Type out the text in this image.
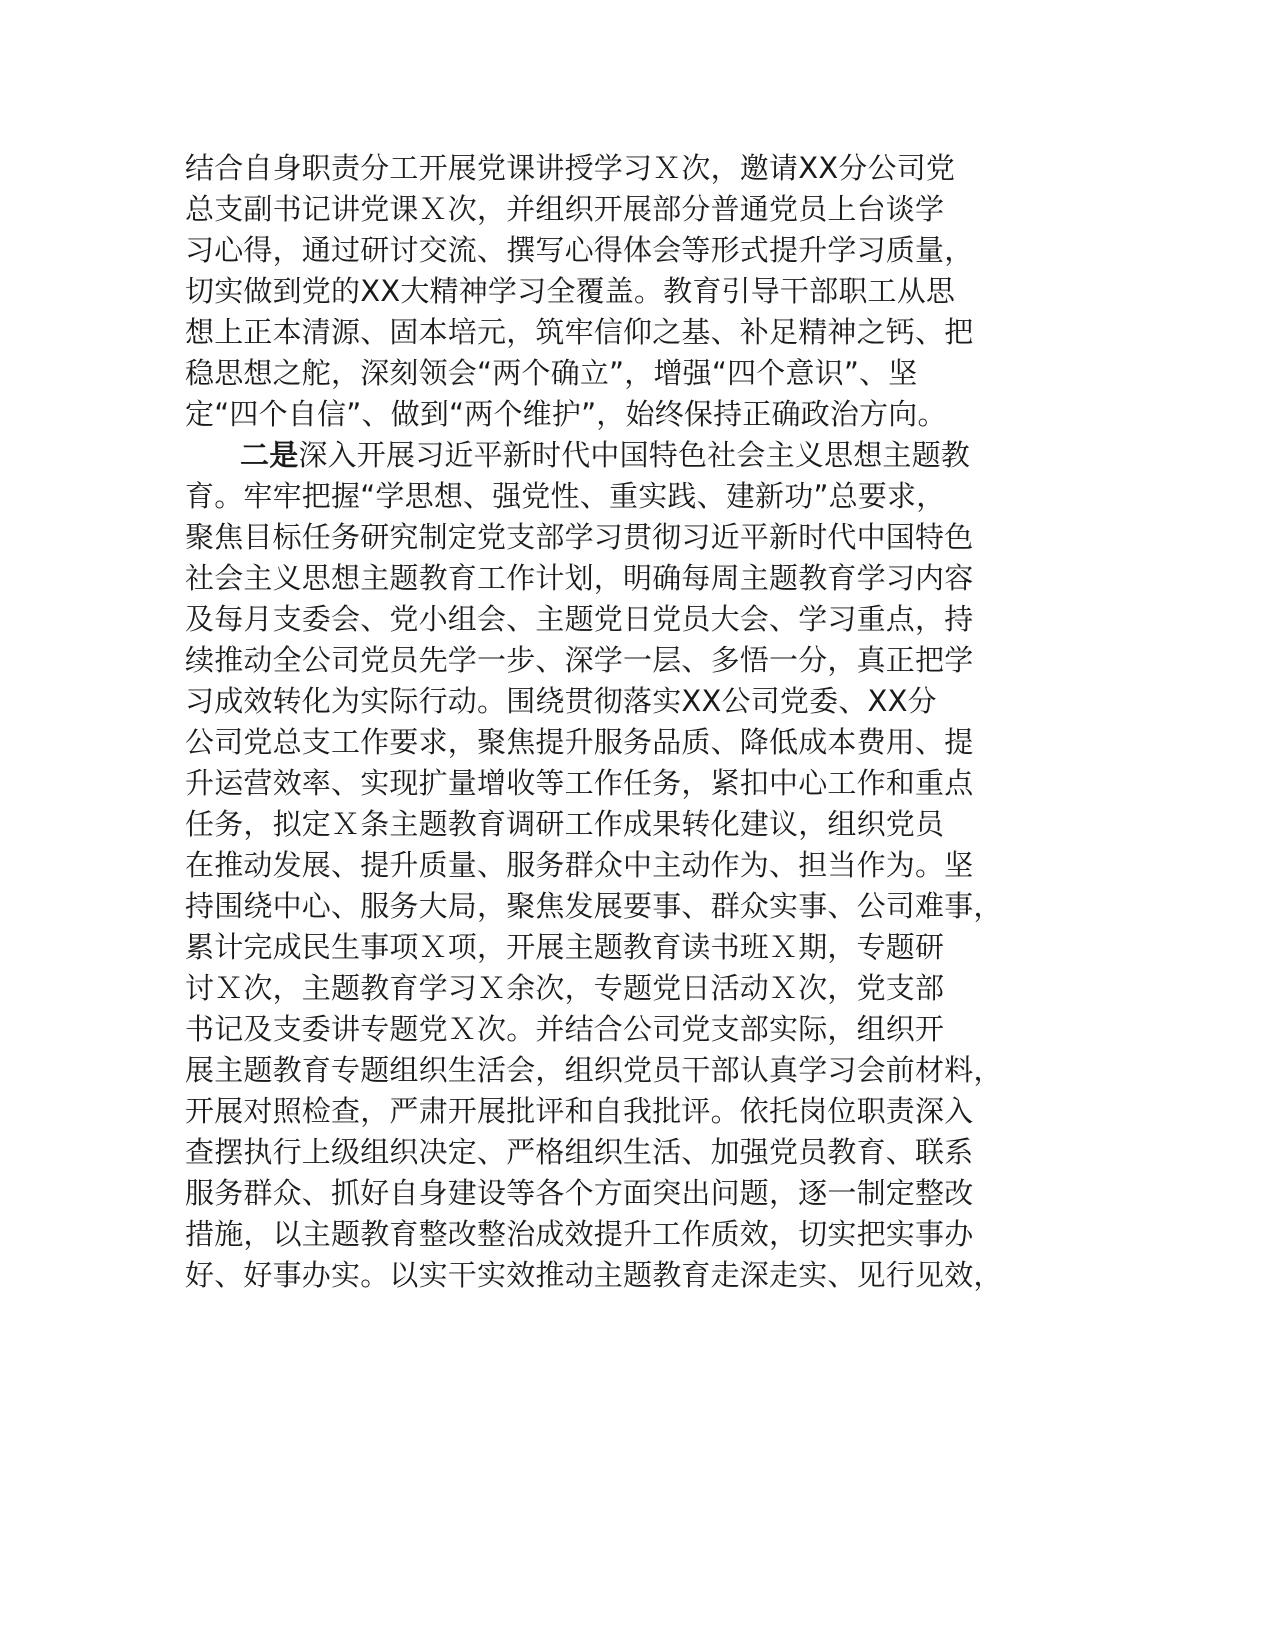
结合自身职责分工开展党课讲授学习Ｘ次，邀请XX分公司党
总支副书记讲党课Ｘ次，并组织开展部分普通党员上台谈学
习心得，通过研讨交流、撰写心得体会等形式提升学习质量，
切实做到党的XX大精神学习全覆盖。教育引导干部职工从思
想上正本清源、固本培元，筑牢信仰之基、补足精神之钙、把
稳思想之舵，深刻领会“两个确立”，增强“四个意识”、坚
定“四个自信”、做到“两个维护”，始终保持正确政治方向。
二是深入开展习近平新时代中国特色社会主义思想主题教
育。牢牢把握“学思想、强党性、重实践、建新功”总要求，
聚焦目标任务研究制定党支部学习贯彻习近平新时代中国特色
社会主义思想主题教育工作计划，明确每周主题教育学习内容
及每月支委会、党小组会、主题党日党员大会、学习重点，持
续推动全公司党员先学一步、深学一层、多悟一分，真正把学
习成效转化为实际行动。围绕贯彻落实XX公司党委、XX分
公司党总支工作要求，聚焦提升服务品质、降低成本费用、提
升运营效率、实现扩量增收等工作任务，紧扣中心工作和重点
任务，拟定Ｘ条主题教育调研工作成果转化建议，组织党员
在推动发展、提升质量、服务群众中主动作为、担当作为。坚
持围绕中心、服务大局，聚焦发展要事、群众实事、公司难事，
累计完成民生事项Ｘ项，开展主题教育读书班Ｘ期，专题研
讨Ｘ次，主题教育学习Ｘ余次，专题党日活动Ｘ次，党支部
书记及支委讲专题党Ｘ次。并结合公司党支部实际，组织开
展主题教育专题组织生活会，组织党员干部认真学习会前材料，
开展对照检查，严肃开展批评和自我批评。依托岗位职责深入
查摆执行上级组织决定、严格组织生活、加强党员教育、联系
服务群众、抓好自身建设等各个方面突出问题，逐一制定整改
措施，以主题教育整改整治成效提升工作质效，切实把实事办
好、好事办实。以实干实效推动主题教育走深走实、见行见效，
